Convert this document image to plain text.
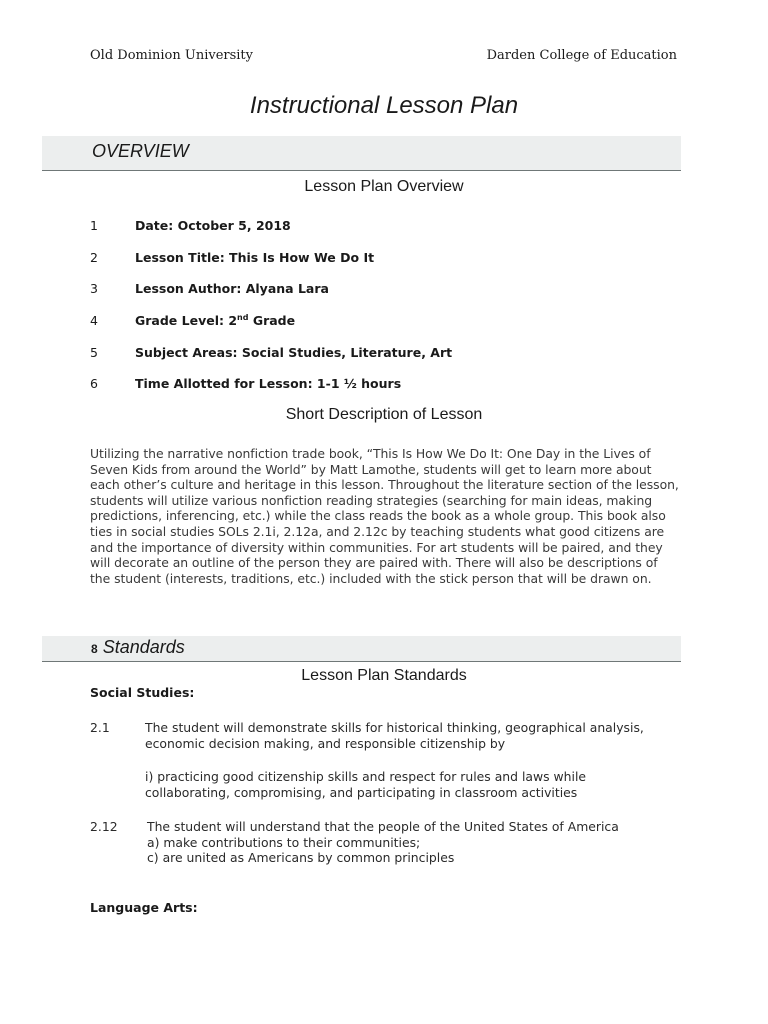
Old Dominion University	Darden College of Education
Instructional Lesson Plan
OVERVIEW
Lesson Plan Overview
1	Date: October 5, 2018
2	Lesson Title: This Is How We Do It
3	Lesson Author: Alyana Lara
4	Grade Level: 2nd Grade
5	Subject Areas: Social Studies, Literature, Art
6	Time Allotted for Lesson: 1-1 ½ hours
Short Description of Lesson
Utilizing the narrative nonfiction trade book, “This Is How We Do It: One Day in the Lives of Seven Kids from around the World” by Matt Lamothe, students will get to learn more about each other’s culture and heritage in this lesson. Throughout the literature section of the lesson, students will utilize various nonfiction reading strategies (searching for main ideas, making predictions, inferencing, etc.) while the class reads the book as a whole group. This book also ties in social studies SOLs 2.1i, 2.12a, and 2.12c by teaching students what good citizens are and the importance of diversity within communities. For art students will be paired, and they will decorate an outline of the person they are paired with. There will also be descriptions of the student (interests, traditions, etc.) included with the stick person that will be drawn on.
8 Standards
Lesson Plan Standards
Social Studies:
2.1	The student will demonstrate skills for historical thinking, geographical analysis, economic decision making, and responsible citizenship by
i) practicing good citizenship skills and respect for rules and laws while collaborating, compromising, and participating in classroom activities
2.12 The student will understand that the people of the United States of America
a) make contributions to their communities;
c) are united as Americans by common principles
Language Arts:
